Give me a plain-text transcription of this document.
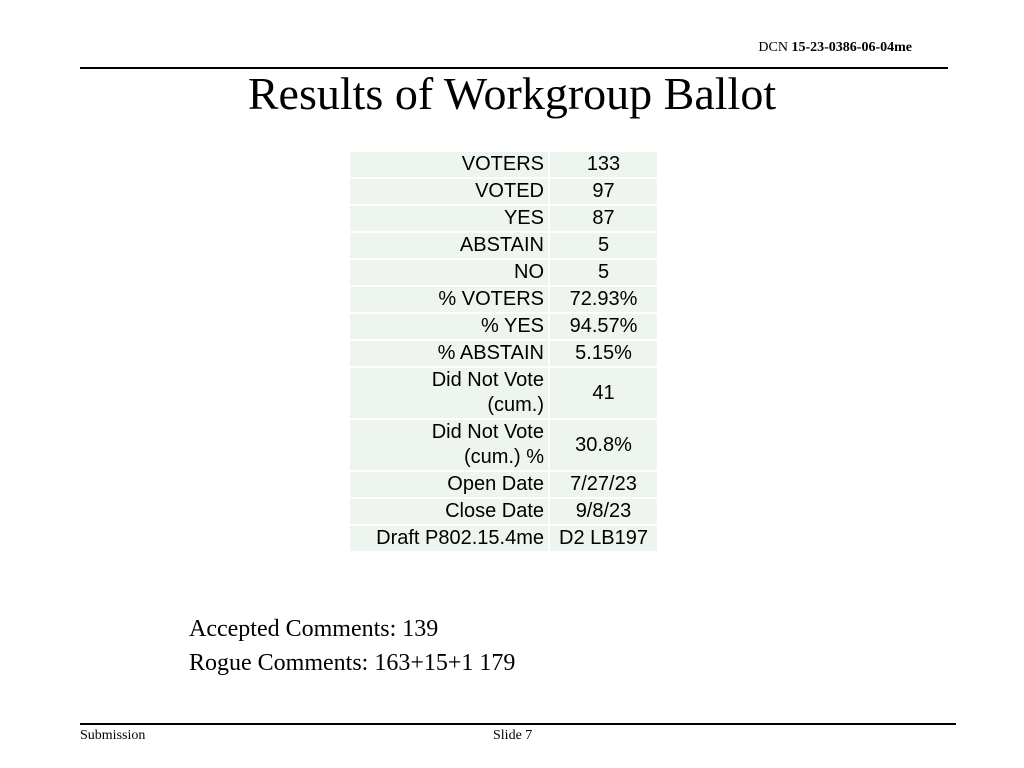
DCN 15-23-0386-06-04me
Results of Workgroup Ballot
VOTERS	133
VOTED	97
YES	87
ABSTAIN	5
NO	5
% VOTERS	72.93%
% YES	94.57%
% ABSTAIN	5.15%
Did Not Vote
(cum.)	41
Did Not Vote
(cum.) %	30.8%
Open Date	7/27/23
Close Date	9/8/23
Draft P802.15.4me	D2 LB197
Accepted Comments: 139
Rogue Comments: 163+15+1 179
Submission	Slide 7
